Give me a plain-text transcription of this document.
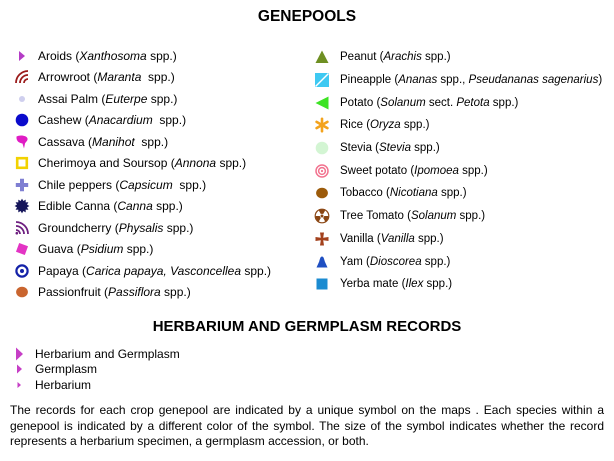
GENEPOOLS
Aroids (Xanthosoma spp.)
Arrowroot (Maranta  spp.)
Assai Palm (Euterpe spp.)
Cashew (Anacardium  spp.)
Cassava (Manihot  spp.)
Cherimoya and Soursop (Annona spp.)
Chile peppers (Capsicum  spp.)
Edible Canna (Canna spp.)
Groundcherry (Physalis spp.)
Guava (Psidium spp.)
Papaya (Carica papaya, Vasconcellea spp.)
Passionfruit (Passiflora spp.)
Peanut (Arachis spp.)
Pineapple (Ananas spp., Pseudananas sagenarius)
Potato (Solanum sect. Petota spp.)
Rice (Oryza spp.)
Stevia (Stevia spp.)
Sweet potato (Ipomoea spp.)
Tobacco (Nicotiana spp.)
Tree Tomato (Solanum spp.)
Vanilla (Vanilla spp.)
Yam (Dioscorea spp.)
Yerba mate (Ilex spp.)
HERBARIUM AND GERMPLASM RECORDS
Herbarium and Germplasm
Germplasm
Herbarium

The records for each crop genepool are indicated by a unique symbol on the maps . Each species within a genepool is indicated by a different color of the symbol. The size of the symbol indicates whether the record represents a herbarium specimen, a germplasm accession, or both.
